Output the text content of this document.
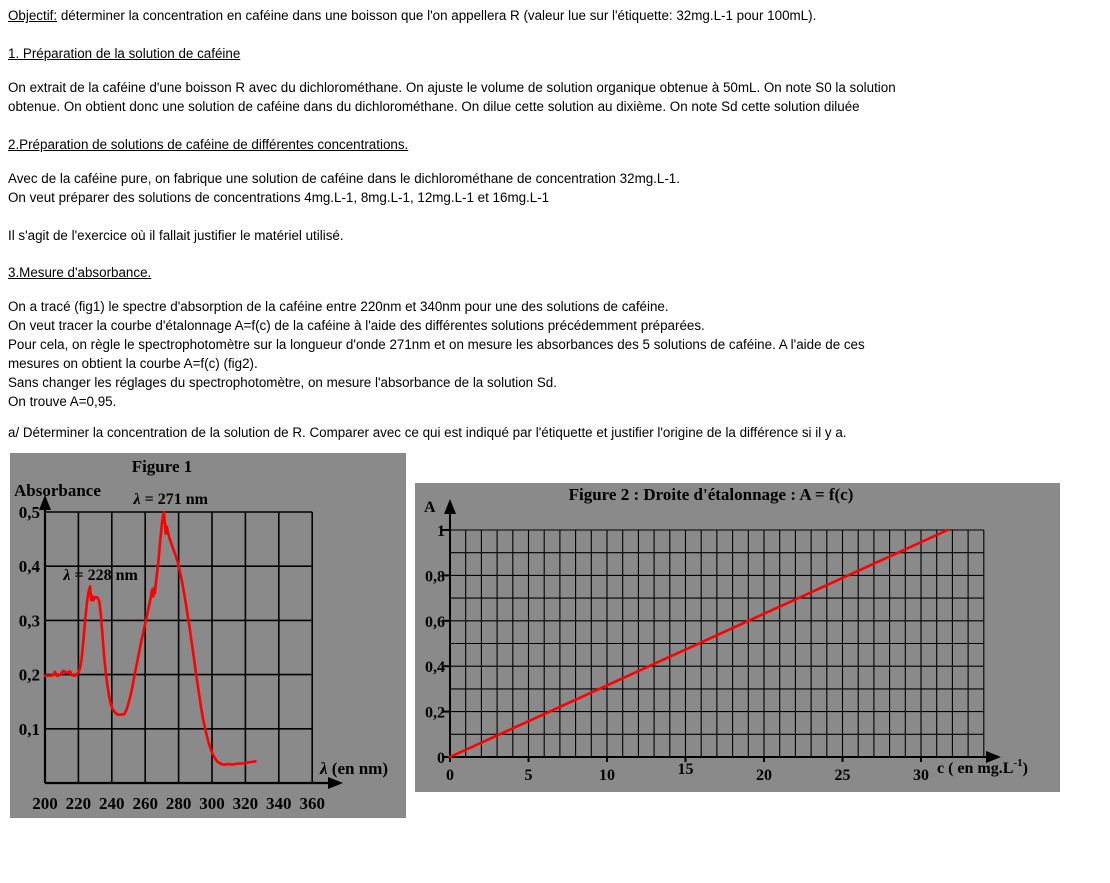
Objectif: déterminer la concentration en caféine dans une boisson que l'on appellera R (valeur lue sur l'étiquette: 32mg.L-1 pour 100mL).
1. Préparation de la solution de caféine
On extrait de la caféine d'une boisson R avec du dichlorométhane. On ajuste le volume de solution organique obtenue à 50mL. On note S0 la solution
obtenue. On obtient donc une solution de caféine dans du dichlorométhane. On dilue cette solution au dixième. On note Sd cette solution diluée
2.Préparation de solutions de caféine de différentes concentrations.
Avec de la caféine pure, on fabrique une solution de caféine dans le dichlorométhane de concentration 32mg.L-1.
On veut préparer des solutions de concentrations 4mg.L-1, 8mg.L-1, 12mg.L-1 et 16mg.L-1
Il s'agit de l'exercice où il fallait justifier le matériel utilisé.
3.Mesure d'absorbance.
On a tracé (fig1) le spectre d'absorption de la caféine entre 220nm et 340nm pour une des solutions de caféine.
On veut tracer la courbe d'étalonnage A=f(c) de la caféine à l'aide des différentes solutions précédemment préparées.
Pour cela, on règle le spectrophotomètre sur la longueur d'onde 271nm et on mesure les absorbances des 5 solutions de caféine. A l'aide de ces
mesures on obtient la courbe A=f(c) (fig2).
Sans changer les réglages du spectrophotomètre, on mesure l'absorbance de la solution Sd.
On trouve A=0,95.
a/ Déterminer la concentration de la solution de R. Comparer avec ce qui est indiqué par l'étiquette et justifier l'origine de la différence si il y a.
200 220 240 260 280 300 320 340 360
0,5
0,4
0,3
0,2
0,1
Figure 1
Absorbance
λ (en nm)
λ = 271 nm
λ = 228 nm
0	5	10	15	20	25	30
1
0,8
0,6
0,4
0,2
0
Figure 2 : Droite d'étalonnage : A = f(c)
A
c ( en $mg.L^{-1}$)
